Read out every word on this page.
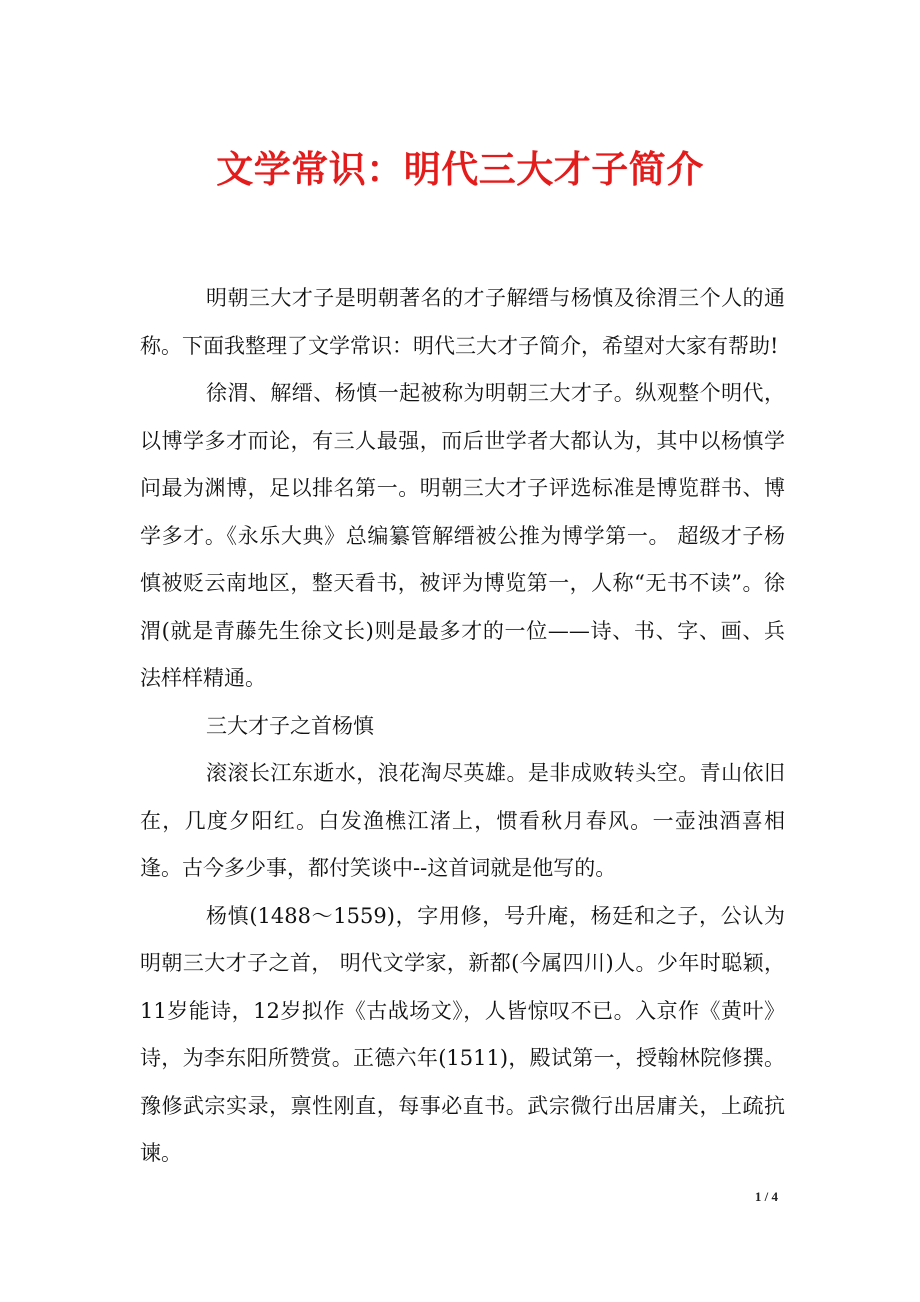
文学常识：明代三大才子简介

明朝三大才子是明朝著名的才子解缙与杨慎及徐渭三个人的通称。下面我整理了文学常识：明代三大才子简介，希望对大家有帮助!

徐渭、解缙、杨慎一起被称为明朝三大才子。纵观整个明代，以博学多才而论，有三人最强，而后世学者大都认为，其中以杨慎学问最为渊博，足以排名第一。明朝三大才子评选标准是博览群书、博学多才。《永乐大典》总编纂管解缙被公推为博学第一。 超级才子杨慎被贬云南地区，整天看书，被评为博览第一，人称“无书不读”。徐渭(就是青藤先生徐文长)则是最多才的一位——诗、书、字、画、兵法样样精通。

三大才子之首杨慎

滚滚长江东逝水，浪花淘尽英雄。是非成败转头空。青山依旧在，几度夕阳红。白发渔樵江渚上，惯看秋月春风。一壶浊酒喜相逢。古今多少事，都付笑谈中--这首词就是他写的。

杨慎(1488～1559)，字用修，号升庵，杨廷和之子，公认为明朝三大才子之首， 明代文学家，新都(今属四川)人。少年时聪颖，11岁能诗，12岁拟作《古战场文》，人皆惊叹不已。入京作《黄叶》诗，为李东阳所赞赏。正德六年(1511)，殿试第一，授翰林院修撰。豫修武宗实录，禀性刚直，每事必直书。武宗微行出居庸关，上疏抗谏。

1 / 4
